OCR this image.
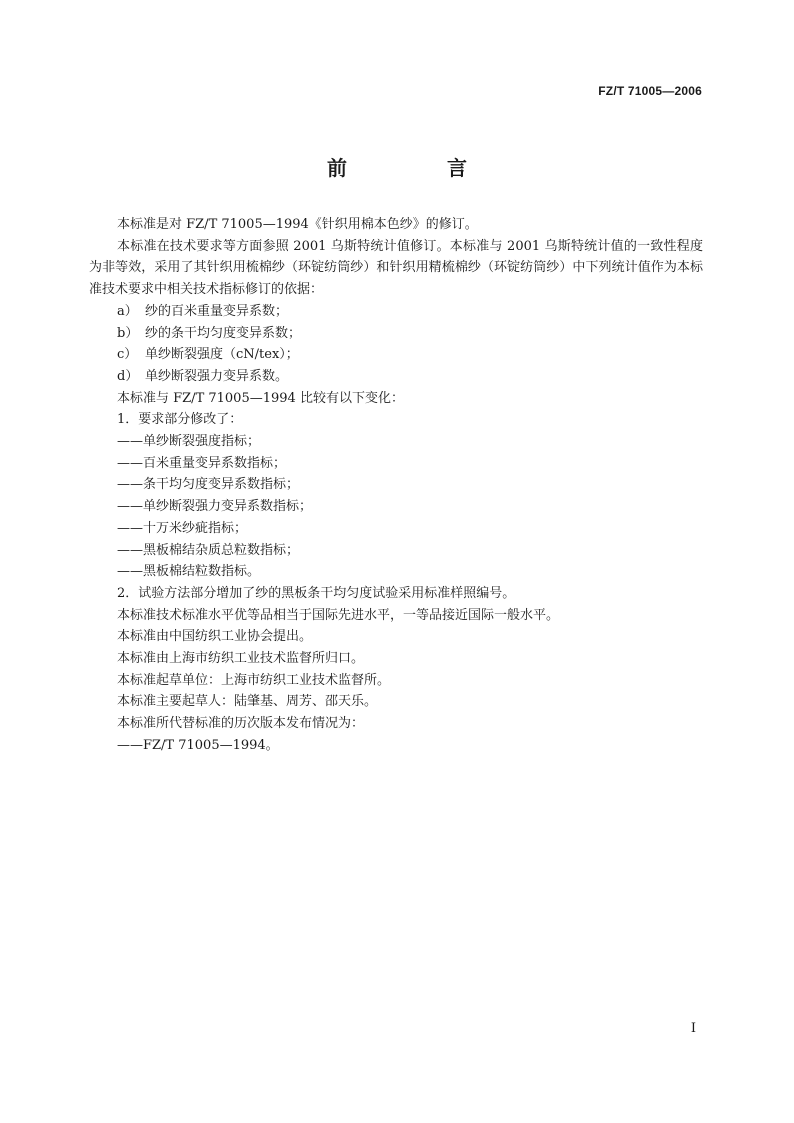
FZ/T 71005—2006
前　言
本标准是对 FZ/T 71005—1994《针织用棉本色纱》的修订。
本标准在技术要求等方面参照 2001 乌斯特统计值修订。本标准与 2001 乌斯特统计值的一致性程度为非等效，采用了其针织用梳棉纱（环锭纺筒纱）和针织用精梳棉纱（环锭纺筒纱）中下列统计值作为本标准技术要求中相关技术指标修订的依据：
a） 纱的百米重量变异系数；
b） 纱的条干均匀度变异系数；
c） 单纱断裂强度（cN/tex）；
d） 单纱断裂强力变异系数。
本标准与 FZ/T 71005—1994 比较有以下变化：
1．要求部分修改了：
——单纱断裂强度指标；
——百米重量变异系数指标；
——条干均匀度变异系数指标；
——单纱断裂强力变异系数指标；
——十万米纱疵指标；
——黑板棉结杂质总粒数指标；
——黑板棉结粒数指标。
2．试验方法部分增加了纱的黑板条干均匀度试验采用标准样照编号。
本标准技术标准水平优等品相当于国际先进水平，一等品接近国际一般水平。
本标准由中国纺织工业协会提出。
本标准由上海市纺织工业技术监督所归口。
本标准起草单位：上海市纺织工业技术监督所。
本标准主要起草人：陆肇基、周芳、邵天乐。
本标准所代替标准的历次版本发布情况为：
——FZ/T 71005—1994。
I
